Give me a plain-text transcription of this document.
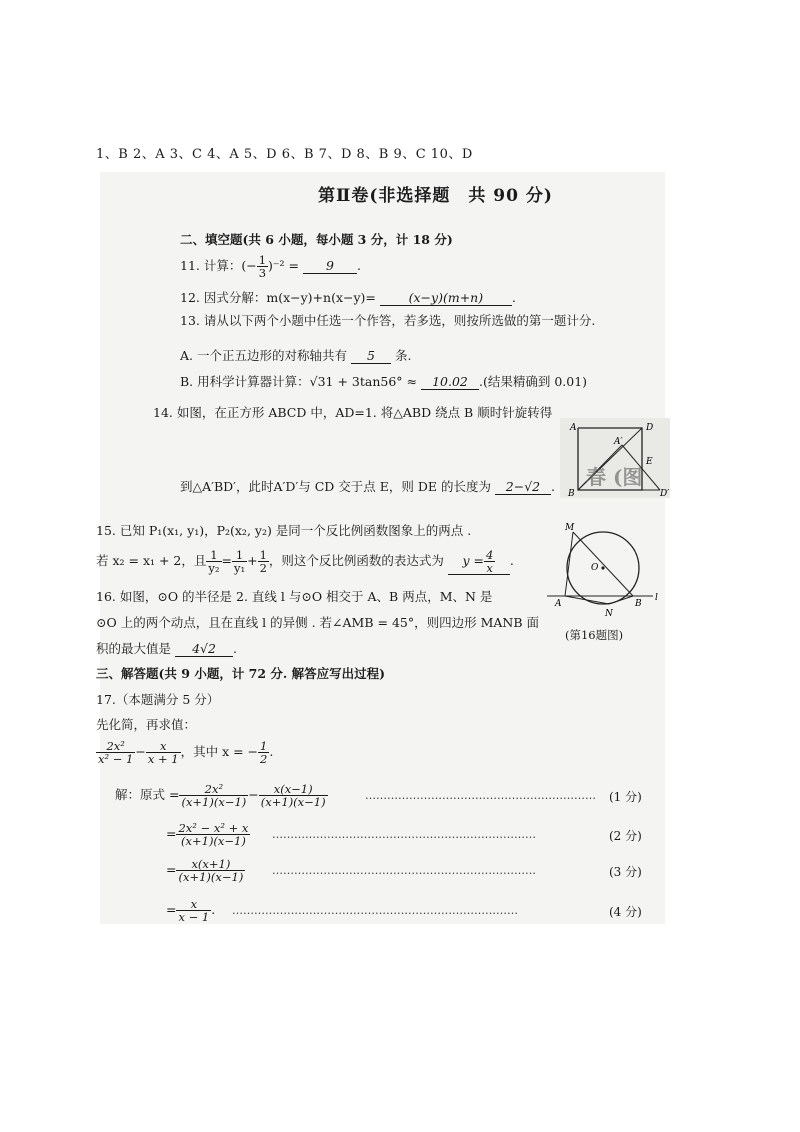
1、B 2、A 3、C 4、A 5、D 6、B 7、D 8、B 9、C 10、D
第Ⅱ卷(非选择题　共 90 分)
二、填空题(共 6 小题，每小题 3 分，计 18 分)
11. 计算：(− $\frac{1}{3} )^{-2} = 9$ .
12. 因式分解：m(x−y)+n(x−y)=	(x−y)(m+n) .
13. 请从以下两个小题中任选一个作答，若多选，则按所选做的第一题计分.
A. 一个正五边形的对称轴共有 5 条.
B. 用科学计算器计算：√31 + 3tan56° ≈ 10.02 .(结果精确到 0.01)
14. 如图，在正方形 ABCD 中，AD=1. 将△ABD 绕点 B 顺时针旋转得
到△A′BD′，此时A′D′与 CD 交于点 E，则 DE 的长度为 2−√2 .
A	D
A′
E
B	D′
春 (图
15. 已知 P₁(x₁, y₁)，P₂(x₂, y₂) 是同一个反比例函数图象上的两点 .
若 x₂ = x₁ + 2，且 $\frac{1}{\text{y₂}} = \frac{1}{\text{y₁}} + \frac{1}{2}$ ，则这个反比例函数的表达式为 $y = \frac{4}{x}$ .
16. 如图，⊙O 的半径是 2. 直线 l 与⊙O 相交于 A、B 两点，M、N 是
⊙O 上的两个动点，且在直线 l 的异侧 . 若∠AMB = 45°，则四边形 MANB 面
积的最大值是 4√2 .
M
O
A	B
N
l
(第16题图)
三、解答题(共 9 小题，计 72 分. 解答应写出过程)
17.（本题满分 5 分）
先化简，再求值：
$\frac{\text{2x²}}{\text{x² − 1}} - \frac{x}{x + 1}$ ，其中 x = − $\frac{1}{2}$ .
解：原式 = $\frac{\text{2x²}}{(x+1)(x-1)} - \frac{x(x-1)}{(x+1)(x-1)}$	……………………………………………………… (1 分)
= $\frac{\text{2x² − x² + x}}{(x+1)(x-1)}$ ………………………………………………………………	(2 分)
= $\frac{x(x+1)}{(x+1)(x-1)}$ ………………………………………………………………	(3 分)
= $\frac{x}{x - 1}$ . ……………………………………………………………………	(4 分)
